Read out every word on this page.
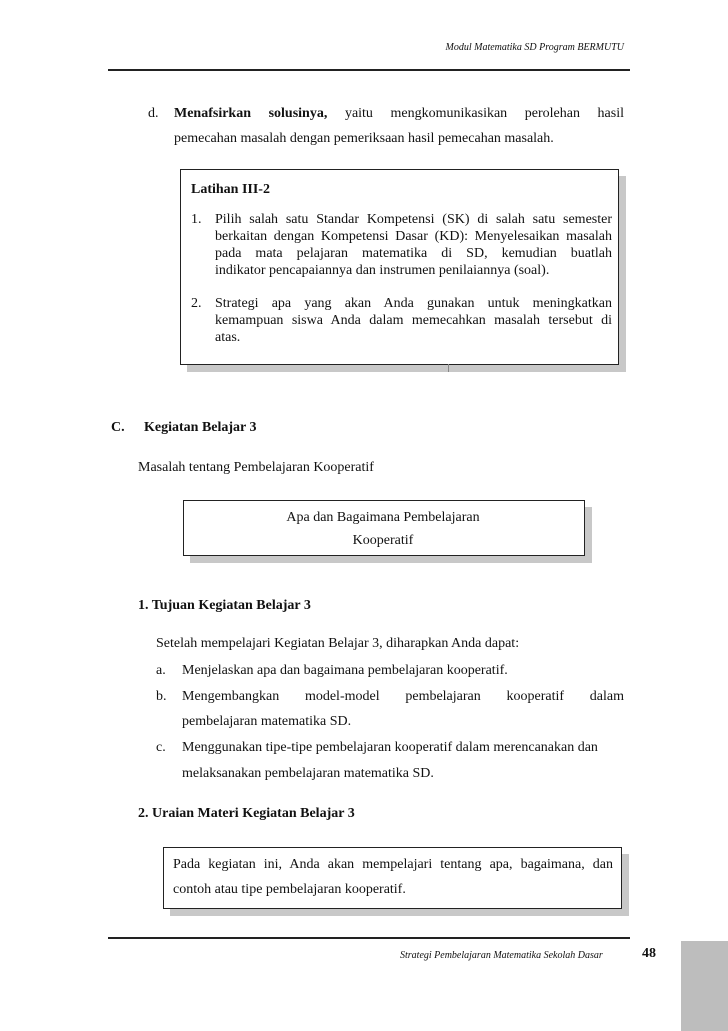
Modul Matematika SD Program BERMUTU
d. Menafsirkan solusinya, yaitu mengkomunikasikan perolehan hasil
pemecahan masalah dengan pemeriksaan hasil pemecahan masalah.
Latihan III-2
1. Pilih salah satu Standar Kompetensi (SK) di salah satu semester
berkaitan dengan Kompetensi Dasar (KD): Menyelesaikan masalah
pada mata pelajaran matematika di SD, kemudian buatlah
indikator pencapaiannya dan instrumen penilaiannya (soal).
2. Strategi apa yang akan Anda gunakan untuk meningkatkan
kemampuan siswa Anda dalam memecahkan masalah tersebut di
atas.
C. Kegiatan Belajar 3
Masalah tentang Pembelajaran Kooperatif
Apa dan Bagaimana Pembelajaran
Kooperatif
1. Tujuan Kegiatan Belajar 3
Setelah mempelajari Kegiatan Belajar 3, diharapkan Anda dapat:
a. Menjelaskan apa dan bagaimana pembelajaran kooperatif.
b. Mengembangkan model-model pembelajaran kooperatif dalam
pembelajaran matematika SD.
c. Menggunakan tipe-tipe pembelajaran kooperatif dalam merencanakan dan
melaksanakan pembelajaran matematika SD.
2. Uraian Materi Kegiatan Belajar 3
Pada kegiatan ini, Anda akan mempelajari tentang apa, bagaimana, dan
contoh atau tipe pembelajaran kooperatif.
Strategi Pembelajaran Matematika Sekolah Dasar	48
